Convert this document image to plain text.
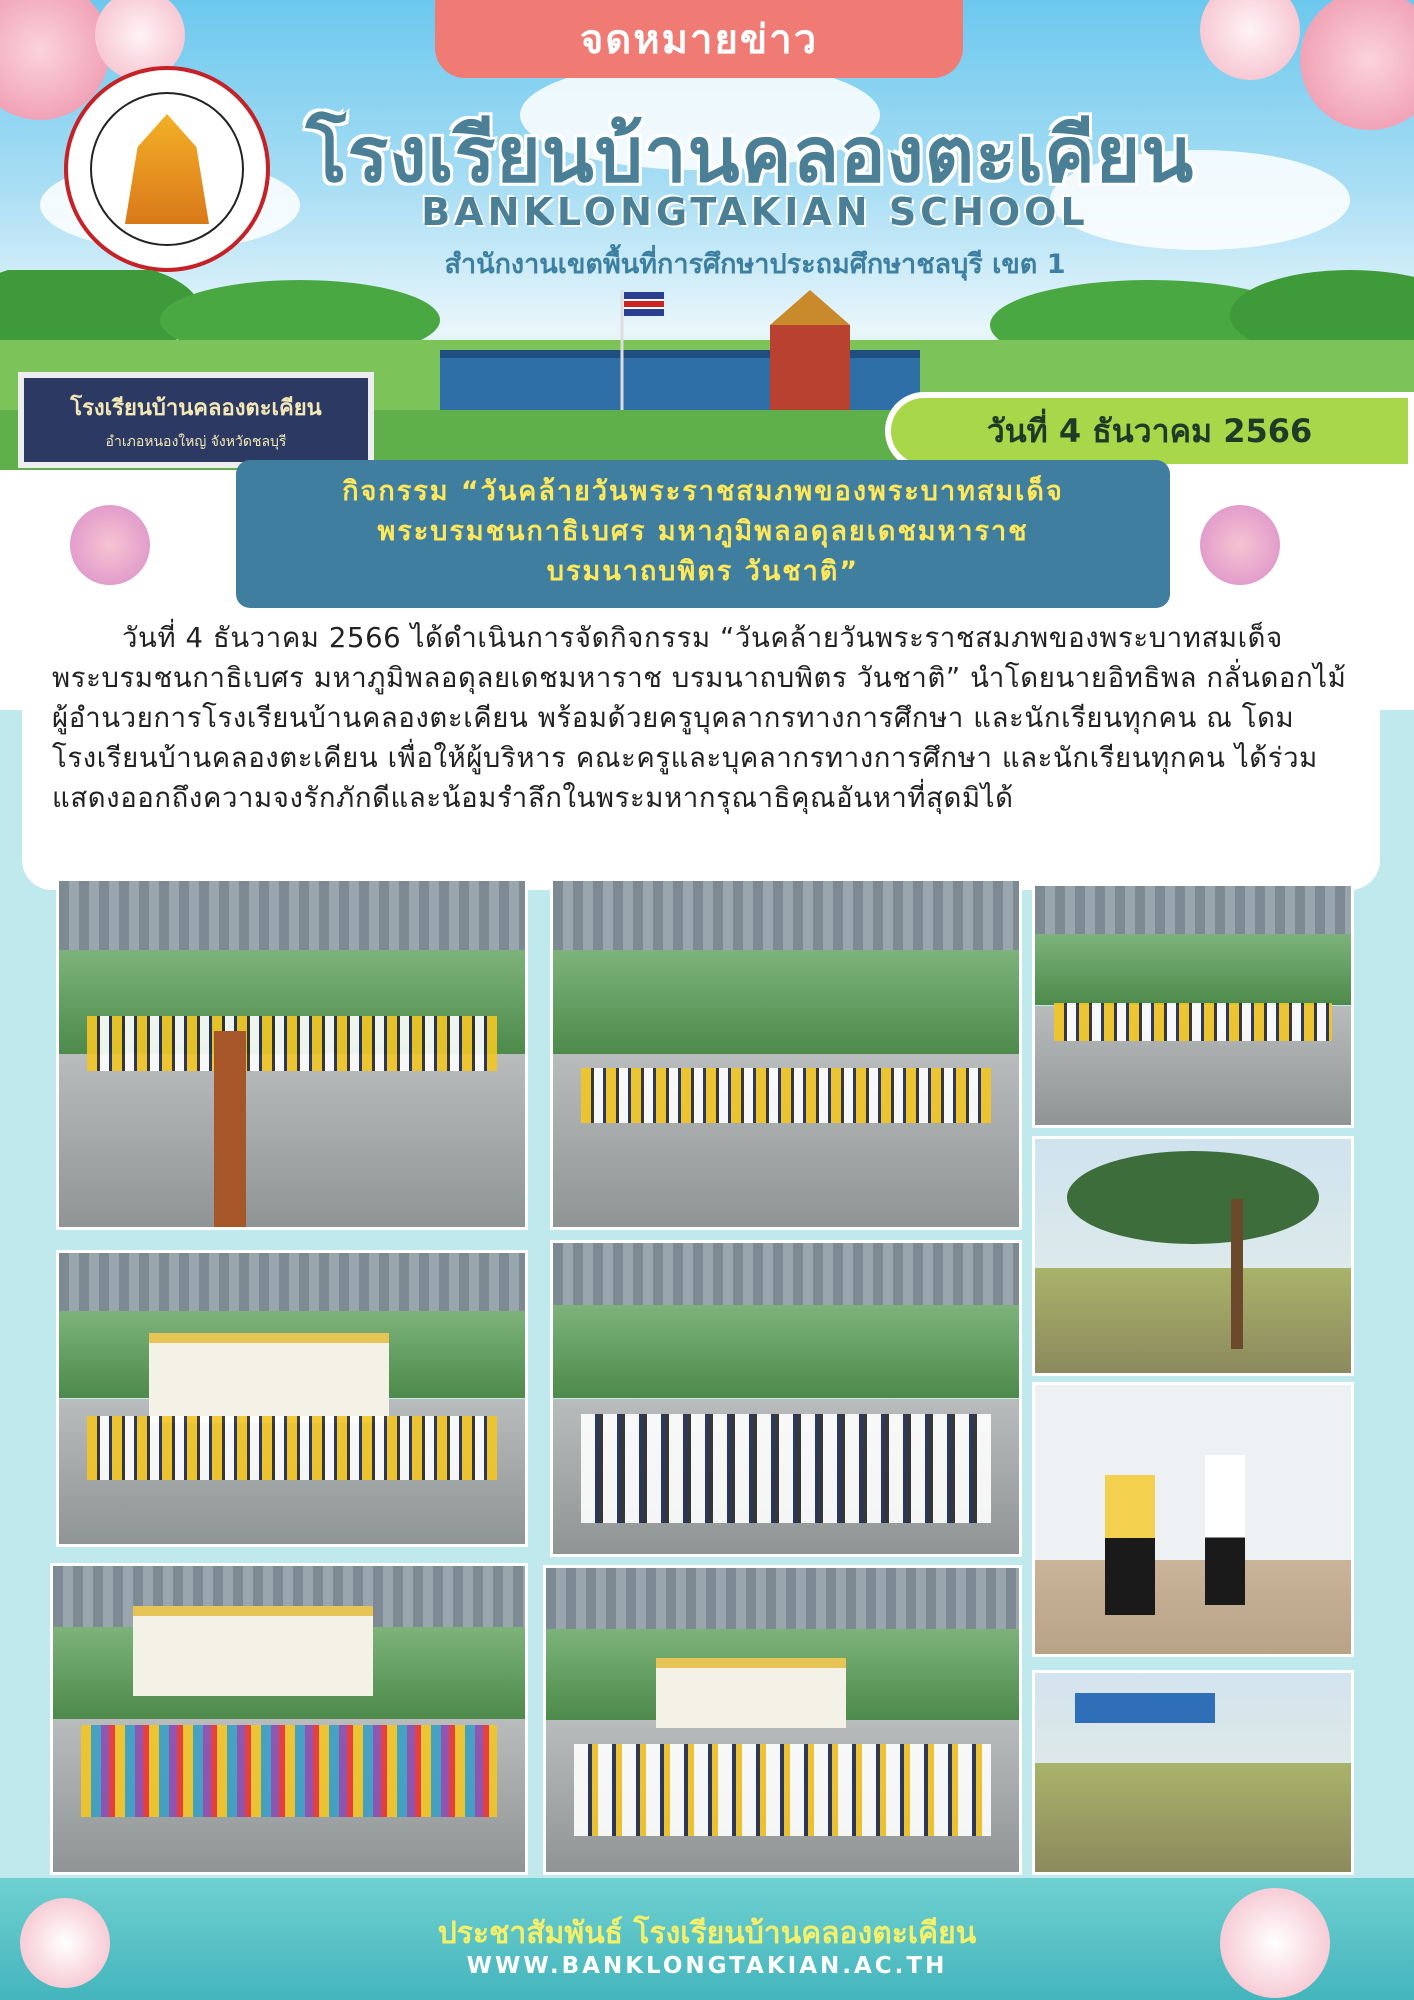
จดหมายข่าว
โรงเรียนบ้านคลองตะเคียน
BANKLONGTAKIAN SCHOOL
สำนักงานเขตพื้นที่การศึกษาประถมศึกษาชลบุรี เขต 1
โรงเรียนบ้านคลองตะเคียน
อำเภอหนองใหญ่ จังหวัดชลบุรี	วันที่ 4 ธันวาคม 2566
กิจกรรม “วันคล้ายวันพระราชสมภพของพระบาทสมเด็จ
พระบรมชนกาธิเบศร มหาภูมิพลอดุลยเดชมหาราช
บรมนาถบพิตร วันชาติ”

วันที่ 4 ธันวาคม 2566 ได้ดำเนินการจัดกิจกรรม “วันคล้ายวันพระราชสมภพของพระบาทสมเด็จพระบรมชนกาธิเบศร มหาภูมิพลอดุลยเดชมหาราช บรมนาถบพิตร วันชาติ” นำโดยนายอิทธิพล กลั่นดอกไม้ ผู้อำนวยการโรงเรียนบ้านคลองตะเคียน พร้อมด้วยครูบุคลากรทางการศึกษา และนักเรียนทุกคน ณ โดมโรงเรียนบ้านคลองตะเคียน เพื่อให้ผู้บริหาร คณะครูและบุคลากรทางการศึกษา และนักเรียนทุกคน ได้ร่วมแสดงออกถึงความจงรักภักดีและน้อมรำลึกในพระมหากรุณาธิคุณอันหาที่สุดมิได้

ประชาสัมพันธ์ โรงเรียนบ้านคลองตะเคียน
WWW.BANKLONGTAKIAN.AC.TH
